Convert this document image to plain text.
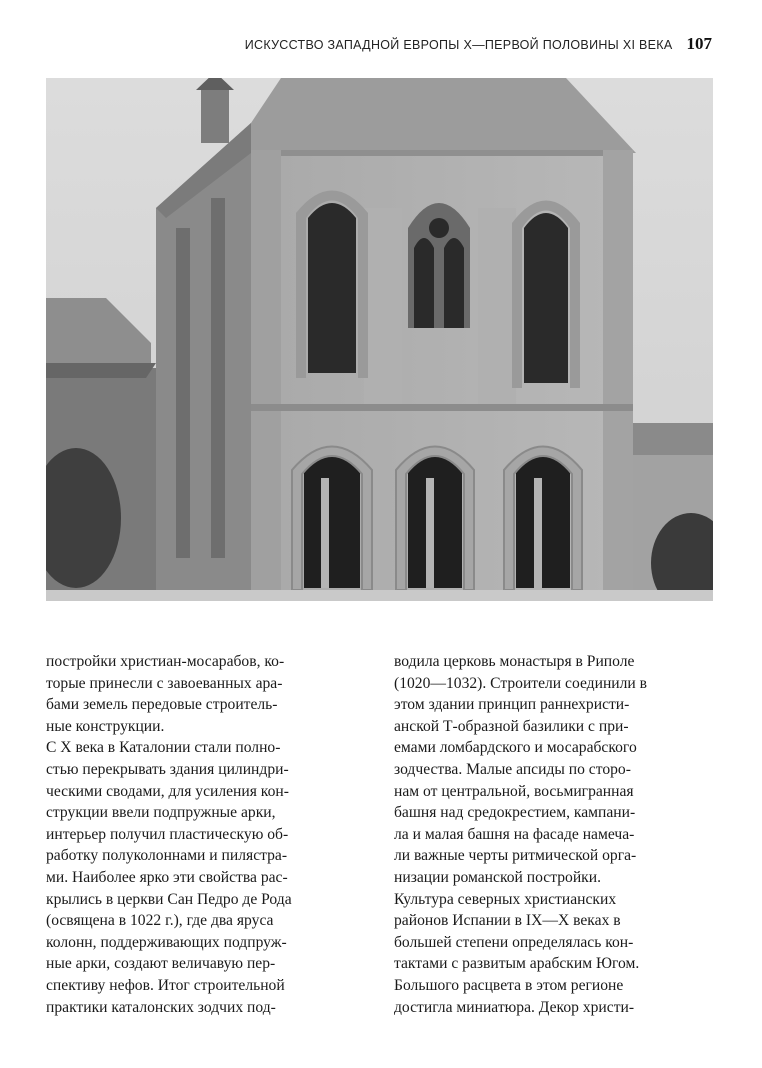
ИСКУССТВО ЗАПАДНОЙ ЕВРОПЫ X—ПЕРВОЙ ПОЛОВИНЫ XI ВЕКА 107

постройки христиан-мосарабов, ко-
торые принесли с завоеванных ара-
бами земель передовые строитель-
ные конструкции.

С X века в Каталонии стали полно-
стью перекрывать здания цилиндри-
ческими сводами, для усиления кон-
струкции ввели подпружные арки,
интерьер получил пластическую об-
работку полуколоннами и пилястра-
ми. Наиболее ярко эти свойства рас-
крылись в церкви Сан Педро де Рода
(освящена в 1022 г.), где два яруса
колонн, поддерживающих подпруж-
ные арки, создают величавую пер-
спективу нефов. Итог строительной
практики каталонских зодчих под-

водила церковь монастыря в Риполе
(1020—1032). Строители соединили в
этом здании принцип раннехристи-
анской Т-образной базилики с при-
емами ломбардского и мосарабского
зодчества. Малые апсиды по сторо-
нам от центральной, восьмигранная
башня над средокрестием, кампани-
ла и малая башня на фасаде намеча-
ли важные черты ритмической орга-
низации романской постройки.

Культура северных христианских
районов Испании в IX—X веках в
большей степени определялась кон-
тактами с развитым арабским Югом.
Большого расцвета в этом регионе
достигла миниатюра. Декор христи-
